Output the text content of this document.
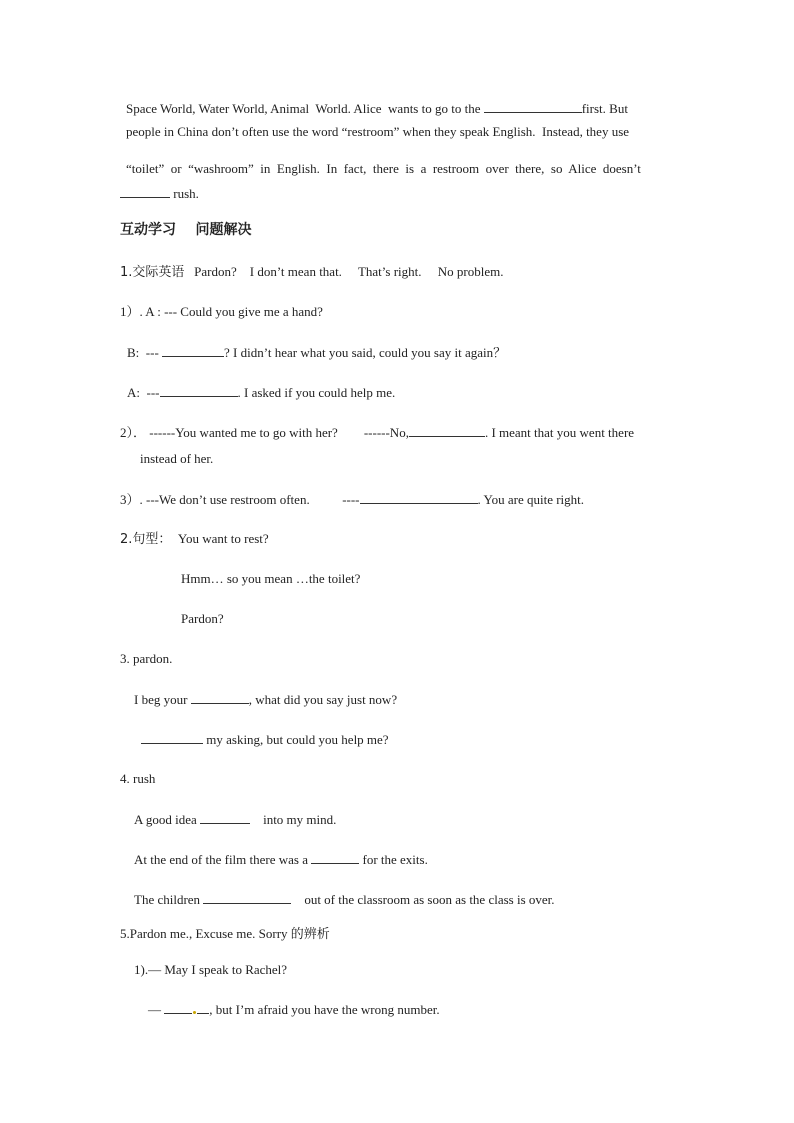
Space World, Water World, Animal  World. Alice  wants to go to the	first. But
people in China don’t often use the word “restroom” when they speak English.  Instead, they use
“toilet”  or  “washroom”  in  English.  In  fact,  there  is  a  restroom  over  there,  so  Alice  doesn’t
rush.
互动学习    问题解决
1.交际英语   Pardon?    I don’t mean that.     That’s right.     No problem.
1）. A : --- Could you give me a hand?
B:  ---	? I didn’t hear what you said, could you say it again？
A:  ---	. I asked if you could help me.
2）． ------You wanted me to go with her?        ------No,	. I meant that you went there
instead of her.
3）. ---We don’t use restroom often.          ----	. You are quite right.
2.句型：  You want to rest?
Hmm… so you mean …the toilet?
Pardon?
3. pardon.
I beg your	, what did you say just now?
my asking, but could you help me?
4. rush
A good idea	into my mind.
At the end of the film there was a	for the exits.
The children	out of the classroom as soon as the class is over.
5.Pardon me., Excuse me. Sorry 的辨析
1).— May I speak to Rachel?
—	, but I’m afraid you have the wrong number.
